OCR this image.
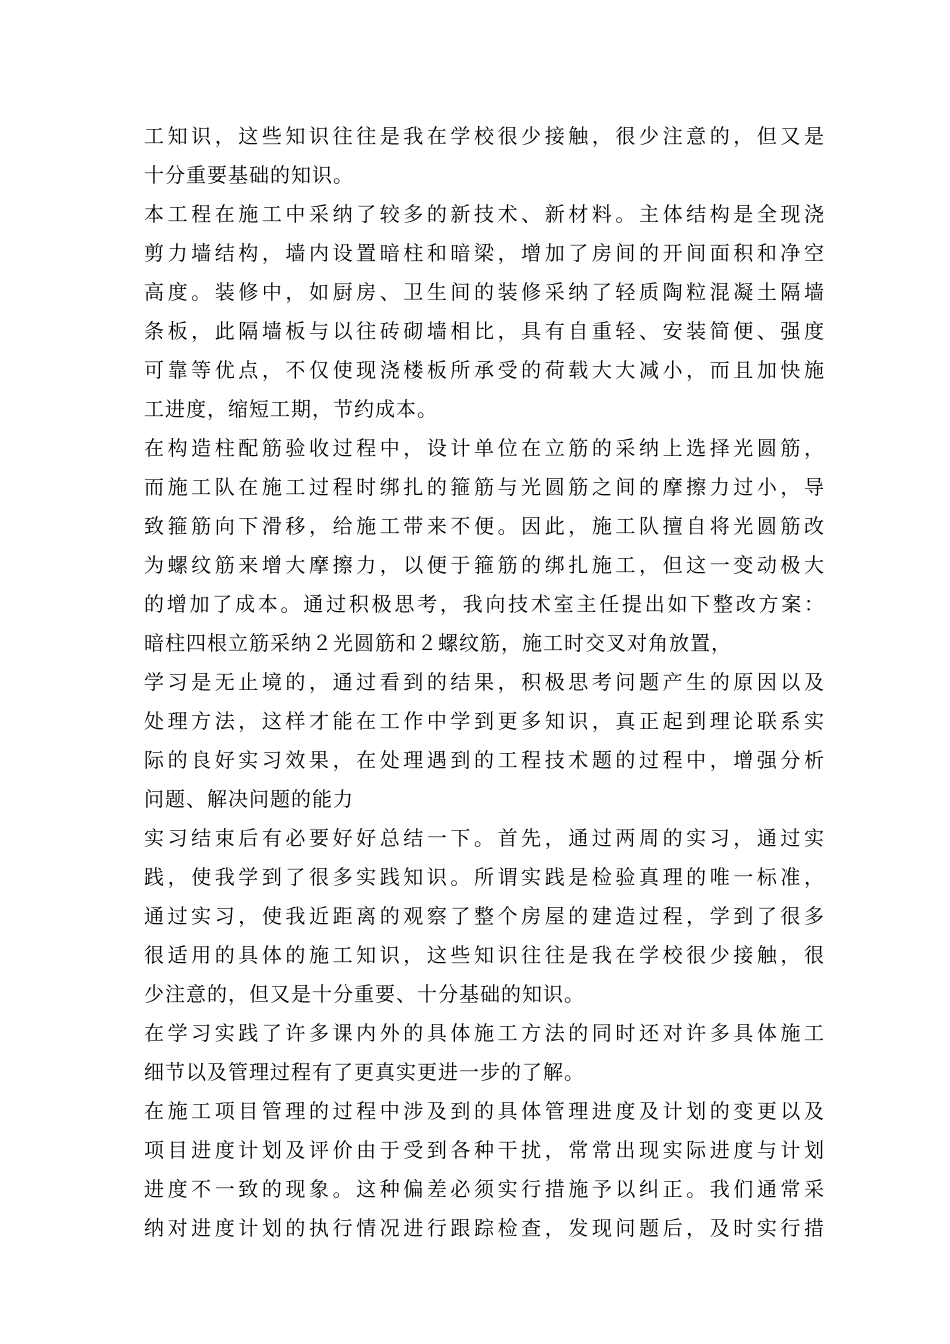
工知识，这些知识往往是我在学校很少接触，很少注意的，但又是
十分重要基础的知识。
本工程在施工中采纳了较多的新技术、新材料。主体结构是全现浇
剪力墙结构，墙内设置暗柱和暗梁，增加了房间的开间面积和净空
高度。装修中，如厨房、卫生间的装修采纳了轻质陶粒混凝土隔墙
条板，此隔墙板与以往砖砌墙相比，具有自重轻、安装简便、强度
可靠等优点，不仅使现浇楼板所承受的荷载大大减小，而且加快施
工进度，缩短工期，节约成本。
在构造柱配筋验收过程中，设计单位在立筋的采纳上选择光圆筋，
而施工队在施工过程时绑扎的箍筋与光圆筋之间的摩擦力过小，导
致箍筋向下滑移，给施工带来不便。因此，施工队擅自将光圆筋改
为螺纹筋来增大摩擦力，以便于箍筋的绑扎施工，但这一变动极大
的增加了成本。通过积极思考，我向技术室主任提出如下整改方案：
暗柱四根立筋采纳２光圆筋和２螺纹筋，施工时交叉对角放置，
学习是无止境的，通过看到的结果，积极思考问题产生的原因以及
处理方法，这样才能在工作中学到更多知识，真正起到理论联系实
际的良好实习效果，在处理遇到的工程技术题的过程中，增强分析
问题、解决问题的能力
实习结束后有必要好好总结一下。首先，通过两周的实习，通过实
践，使我学到了很多实践知识。所谓实践是检验真理的唯一标准，
通过实习，使我近距离的观察了整个房屋的建造过程，学到了很多
很适用的具体的施工知识，这些知识往往是我在学校很少接触，很
少注意的，但又是十分重要、十分基础的知识。
在学习实践了许多课内外的具体施工方法的同时还对许多具体施工
细节以及管理过程有了更真实更进一步的了解。
在施工项目管理的过程中涉及到的具体管理进度及计划的变更以及
项目进度计划及评价由于受到各种干扰，常常出现实际进度与计划
进度不一致的现象。这种偏差必须实行措施予以纠正。我们通常采
纳对进度计划的执行情况进行跟踪检查，发现问题后，及时实行措
